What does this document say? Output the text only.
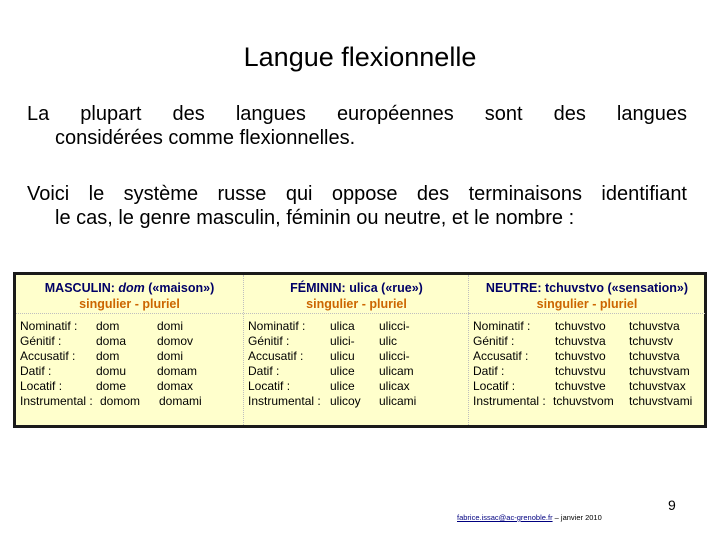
Langue flexionnelle
La plupart des langues européennes sont des langues
considérées comme flexionnelles.
Voici le système russe qui oppose des terminaisons identifiant
le cas, le genre masculin, féminin ou neutre, et le nombre :
MASCULIN: dom («maison»)
singulier - pluriel
Nominatif : dom	domi
Génitif :	doma	domov
Accusatif : dom	domi
Datif :	domu	domam
Locatif :	dome	domax
Instrumental : domom domami
FÉMININ: ulica («rue»)
singulier - pluriel
Nominatif : ulica ulicci-
Génitif :	ulici- ulic
Accusatif : ulicu ulicci-
Datif :	ulice ulicam
Locatif :	ulice ulicax
Instrumental : ulicoy ulicami
NEUTRE: tchuvstvo («sensation»)
singulier - pluriel
Nominatif : tchuvstvo tchuvstva
Génitif :	tchuvstva tchuvstv
Accusatif : tchuvstvo tchuvstva
Datif :	tchuvstvu tchuvstvam
Locatif :	tchuvstve tchuvstvax
Instrumental : tchuvstvom tchuvstvami
9
fabrice.issac@ac-grenoble.fr – janvier 2010
